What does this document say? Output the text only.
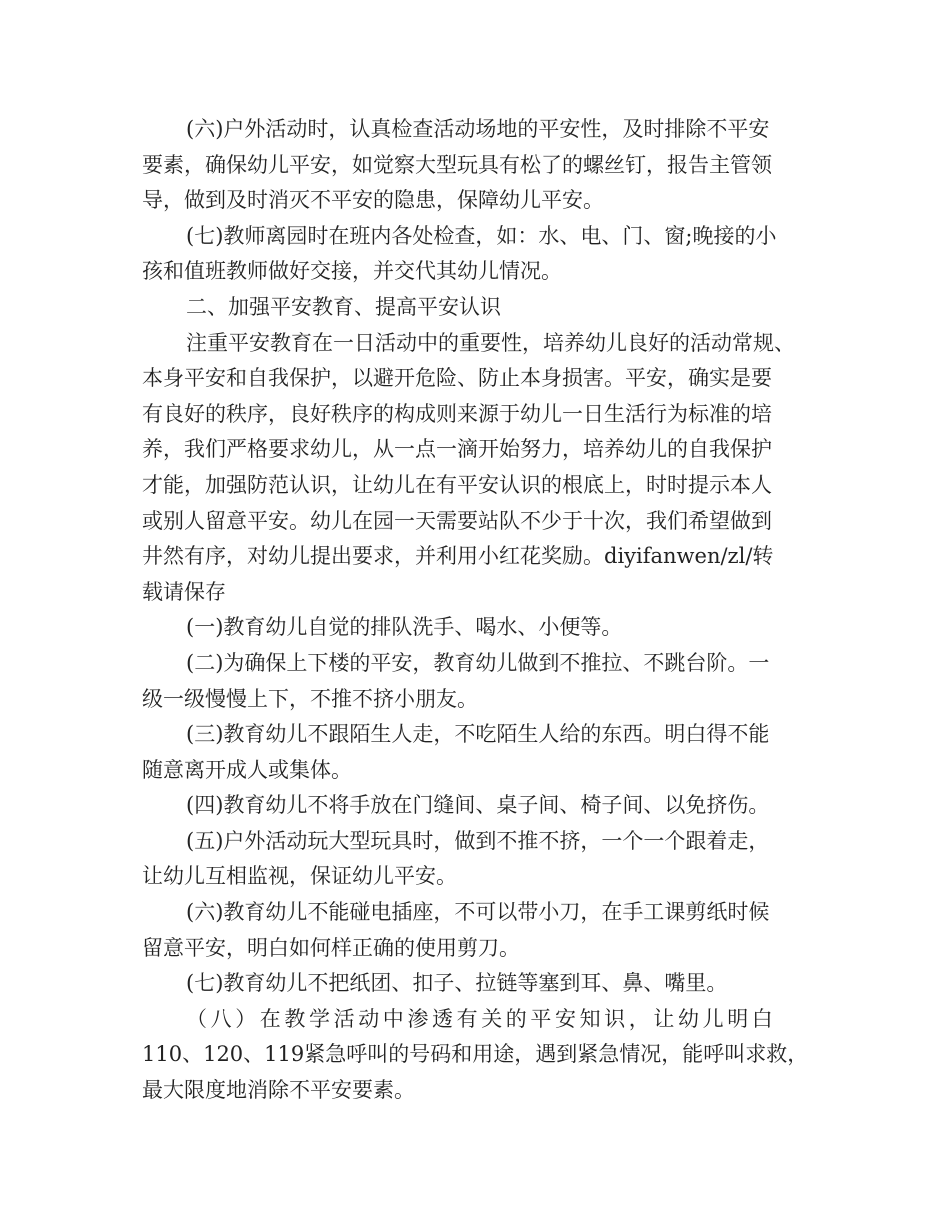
(六)户外活动时，认真检查活动场地的平安性，及时排除不平安
要素，确保幼儿平安，如觉察大型玩具有松了的螺丝钉，报告主管领
导，做到及时消灭不平安的隐患，保障幼儿平安。
(七)教师离园时在班内各处检查，如：水、电、门、窗;晚接的小
孩和值班教师做好交接，并交代其幼儿情况。
二、加强平安教育、提高平安认识
注重平安教育在一日活动中的重要性，培养幼儿良好的活动常规、
本身平安和自我保护，以避开危险、防止本身损害。平安，确实是要
有良好的秩序，良好秩序的构成则来源于幼儿一日生活行为标准的培
养，我们严格要求幼儿，从一点一滴开始努力，培养幼儿的自我保护
才能，加强防范认识，让幼儿在有平安认识的根底上，时时提示本人
或别人留意平安。幼儿在园一天需要站队不少于十次，我们希望做到
井然有序，对幼儿提出要求，并利用小红花奖励。diyifanwen/zl/转
载请保存
(一)教育幼儿自觉的排队洗手、喝水、小便等。
(二)为确保上下楼的平安，教育幼儿做到不推拉、不跳台阶。一
级一级慢慢上下，不推不挤小朋友。
(三)教育幼儿不跟陌生人走，不吃陌生人给的东西。明白得不能
随意离开成人或集体。
(四)教育幼儿不将手放在门缝间、桌子间、椅子间、以免挤伤。
(五)户外活动玩大型玩具时，做到不推不挤，一个一个跟着走，
让幼儿互相监视，保证幼儿平安。
(六)教育幼儿不能碰电插座，不可以带小刀，在手工课剪纸时候
留意平安，明白如何样正确的使用剪刀。
(七)教育幼儿不把纸团、扣子、拉链等塞到耳、鼻、嘴里。
（八）在教学活动中渗透有关的平安知识，让幼儿明白
110、120、119紧急呼叫的号码和用途，遇到紧急情况，能呼叫求救，
最大限度地消除不平安要素。
